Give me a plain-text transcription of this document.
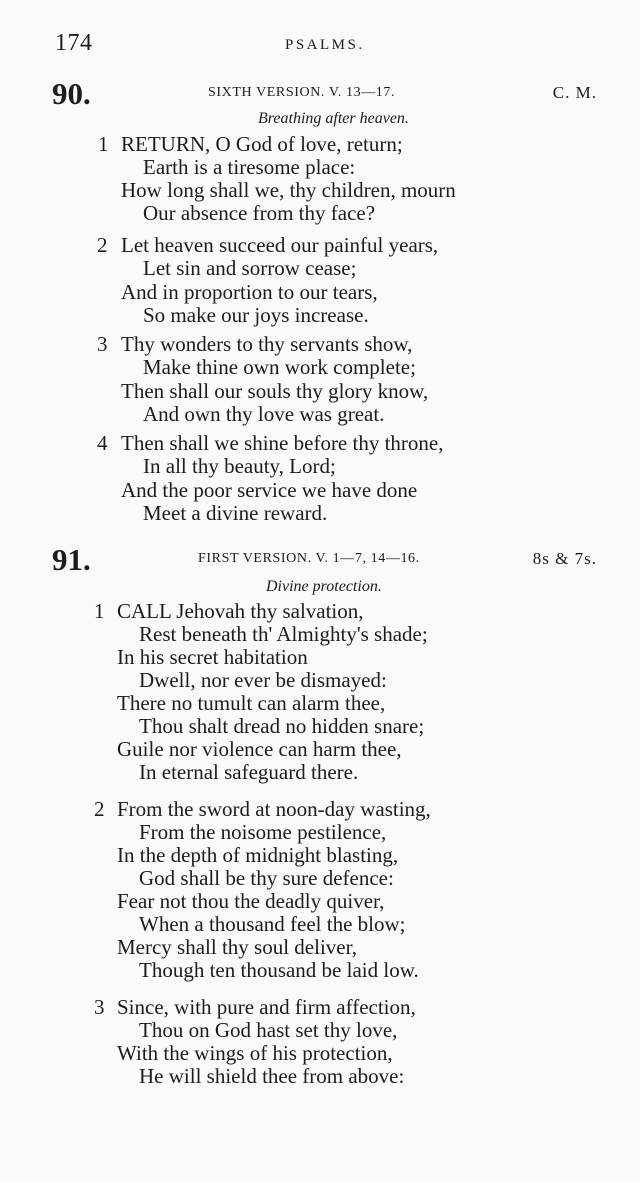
174	PSALMS.
90.	SIXTH VERSION. V. 13—17.	C. M.
Breathing after heaven.
1 RETURN, O God of love, return;
Earth is a tiresome place:
How long shall we, thy children, mourn
Our absence from thy face?
2 Let heaven succeed our painful years,
Let sin and sorrow cease;
And in proportion to our tears,
So make our joys increase.
3 Thy wonders to thy servants show,
Make thine own work complete;
Then shall our souls thy glory know,
And own thy love was great.
4 Then shall we shine before thy throne,
In all thy beauty, Lord;
And the poor service we have done
Meet a divine reward.
91.	FIRST VERSION. V. 1—7, 14—16.	8s & 7s.
Divine protection.
1 CALL Jehovah thy salvation,
Rest beneath th' Almighty's shade;
In his secret habitation
Dwell, nor ever be dismayed:
There no tumult can alarm thee,
Thou shalt dread no hidden snare;
Guile nor violence can harm thee,
In eternal safeguard there.
2 From the sword at noon-day wasting,
From the noisome pestilence,
In the depth of midnight blasting,
God shall be thy sure defence:
Fear not thou the deadly quiver,
When a thousand feel the blow;
Mercy shall thy soul deliver,
Though ten thousand be laid low.
3 Since, with pure and firm affection,
Thou on God hast set thy love,
With the wings of his protection,
He will shield thee from above:
